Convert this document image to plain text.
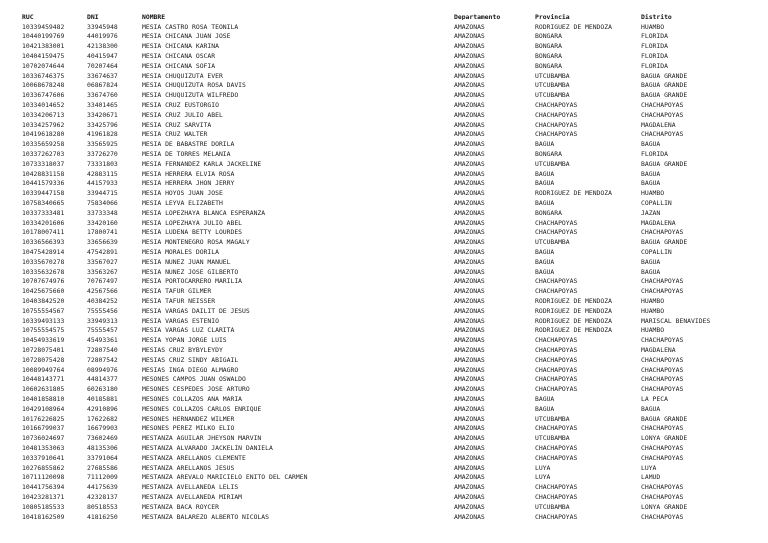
RUC	DNI	NOMBRE	Departamento	Provincia	Distrito
10339459482	33945948	MESIA CASTRO ROSA TEONILA	AMAZONAS	RODRIGUEZ DE MENDOZA	HUAMBO
10440199769	44019976	MESIA CHICANA JUAN JOSE	AMAZONAS	BONGARA	FLORIDA
10421383001	42138300	MESIA CHICANA KARINA	AMAZONAS	BONGARA	FLORIDA
10404159475	40415947	MESIA CHICANA OSCAR	AMAZONAS	BONGARA	FLORIDA
10702074644	70207464	MESIA CHICANA SOFIA	AMAZONAS	BONGARA	FLORIDA
10336746375	33674637	MESIA CHUQUIZUTA EVER	AMAZONAS	UTCUBAMBA	BAGUA GRANDE
10068678248	06867824	MESIA CHUQUIZUTA ROSA DAVIS	AMAZONAS	UTCUBAMBA	BAGUA GRANDE
10336747606	33674760	MESIA CHUQUIZUTA WILFREDO	AMAZONAS	UTCUBAMBA	BAGUA GRANDE
10334014652	33401465	MESIA CRUZ EUSTORGIO	AMAZONAS	CHACHAPOYAS	CHACHAPOYAS
10334206713	33420671	MESIA CRUZ JULIO ABEL	AMAZONAS	CHACHAPOYAS	CHACHAPOYAS
10334257962	33425796	MESIA CRUZ SARVITA	AMAZONAS	CHACHAPOYAS	MAGDALENA
10419618280	41961828	MESIA CRUZ WALTER	AMAZONAS	CHACHAPOYAS	CHACHAPOYAS
10335659258	33565925	MESIA DE BABASTRE DORILA	AMAZONAS	BAGUA	BAGUA
10337262703	33726270	MESIA DE TORRES MELANIA	AMAZONAS	BONGARA	FLORIDA
10733318037	73331803	MESIA FERNANDEZ KARLA JACKELINE	AMAZONAS	UTCUBAMBA	BAGUA GRANDE
10428831158	42883115	MESIA HERRERA ELVIA ROSA	AMAZONAS	BAGUA	BAGUA
10441579336	44157933	MESIA HERRERA JHON JERRY	AMAZONAS	BAGUA	BAGUA
10339447158	33944715	MESIA HOYOS JUAN JOSE	AMAZONAS	RODRIGUEZ DE MENDOZA	HUAMBO
10758340665	75834066	MESIA LEYVA ELIZABETH	AMAZONAS	BAGUA	COPALLIN
10337333481	33733348	MESIA LOPEZHAYA BLANCA ESPERANZA	AMAZONAS	BONGARA	JAZAN
10334201606	33420160	MESIA LOPEZHAYA JULIO ABEL	AMAZONAS	CHACHAPOYAS	MAGDALENA
10178007411	17800741	MESIA LUDEÑA BETTY LOURDES	AMAZONAS	CHACHAPOYAS	CHACHAPOYAS
10336566393	33656639	MESIA MONTENEGRO ROSA MAGALY	AMAZONAS	UTCUBAMBA	BAGUA GRANDE
10475428914	47542891	MESIA MORALES DORILA	AMAZONAS	BAGUA	COPALLIN
10335670278	33567027	MESIA NUNEZ JUAN MANUEL	AMAZONAS	BAGUA	BAGUA
10335632678	33563267	MESIA NUÑEZ JOSE GILBERTO	AMAZONAS	BAGUA	BAGUA
10707674976	70767497	MESIA PORTOCARRERO MARILIA	AMAZONAS	CHACHAPOYAS	CHACHAPOYAS
10425675660	42567566	MESIA TAFUR GILMER	AMAZONAS	CHACHAPOYAS	CHACHAPOYAS
10403842520	40384252	MESIA TAFUR NEISSER	AMAZONAS	RODRIGUEZ DE MENDOZA	HUAMBO
10755554567	75555456	MESIA VARGAS DAILIT DE JESUS	AMAZONAS	RODRIGUEZ DE MENDOZA	HUAMBO
10339493133	33949313	MESIA VARGAS ESTENIO	AMAZONAS	RODRIGUEZ DE MENDOZA	MARISCAL BENAVIDES
10755554575	75555457	MESIA VARGAS LUZ CLARITA	AMAZONAS	RODRIGUEZ DE MENDOZA	HUAMBO
10454933619	45493361	MESIA YOPAN JORGE LUIS	AMAZONAS	CHACHAPOYAS	CHACHAPOYAS
10728075401	72807540	MESIAS CRUZ BYBYLEYDY	AMAZONAS	CHACHAPOYAS	MAGDALENA
10728075428	72807542	MESIAS CRUZ SINDY ABIGAIL	AMAZONAS	CHACHAPOYAS	CHACHAPOYAS
10089949764	08994976	MESIAS INGA DIEGO ALMAGRO	AMAZONAS	CHACHAPOYAS	CHACHAPOYAS
10448143771	44814377	MESONES CAMPOS JUAN OSWALDO	AMAZONAS	CHACHAPOYAS	CHACHAPOYAS
10602631805	60263180	MESONES CESPEDES JOSE ARTURO	AMAZONAS	CHACHAPOYAS	CHACHAPOYAS
10401858810	40185881	MESONES COLLAZOS ANA MARIA	AMAZONAS	BAGUA	LA PECA
10429108964	42910896	MESONES COLLAZOS CARLOS ENRIQUE	AMAZONAS	BAGUA	BAGUA
10176226825	17622682	MESONES HERNANDEZ WILMER	AMAZONAS	UTCUBAMBA	BAGUA GRANDE
10166799037	16679903	MESONES PEREZ MILKO ELIO	AMAZONAS	CHACHAPOYAS	CHACHAPOYAS
10736024697	73602469	MESTANZA AGUILAR JHEYSON MARVIN	AMAZONAS	UTCUBAMBA	LONYA GRANDE
10481353063	48135306	MESTANZA ALVARADO JACKELIN DANIELA	AMAZONAS	CHACHAPOYAS	CHACHAPOYAS
10337910641	33791064	MESTANZA ARELLANOS CLEMENTE	AMAZONAS	CHACHAPOYAS	CHACHAPOYAS
10276855862	27685586	MESTANZA ARELLANOS JESUS	AMAZONAS	LUYA	LUYA
10711120098	71112009	MESTANZA AREVALO MARICIELO ENITO DEL CARMEN	AMAZONAS	LUYA	LAMUD
10441756394	44175639	MESTANZA AVELLANEDA LELIS	AMAZONAS	CHACHAPOYAS	CHACHAPOYAS
10423281371	42328137	MESTANZA AVELLANEDA MIRIAM	AMAZONAS	CHACHAPOYAS	CHACHAPOYAS
10805185533	80518553	MESTANZA BACA ROYCER	AMAZONAS	UTCUBAMBA	LONYA GRANDE
10418162509	41816250	MESTANZA BALAREZO ALBERTO NICOLAS	AMAZONAS	CHACHAPOYAS	CHACHAPOYAS
